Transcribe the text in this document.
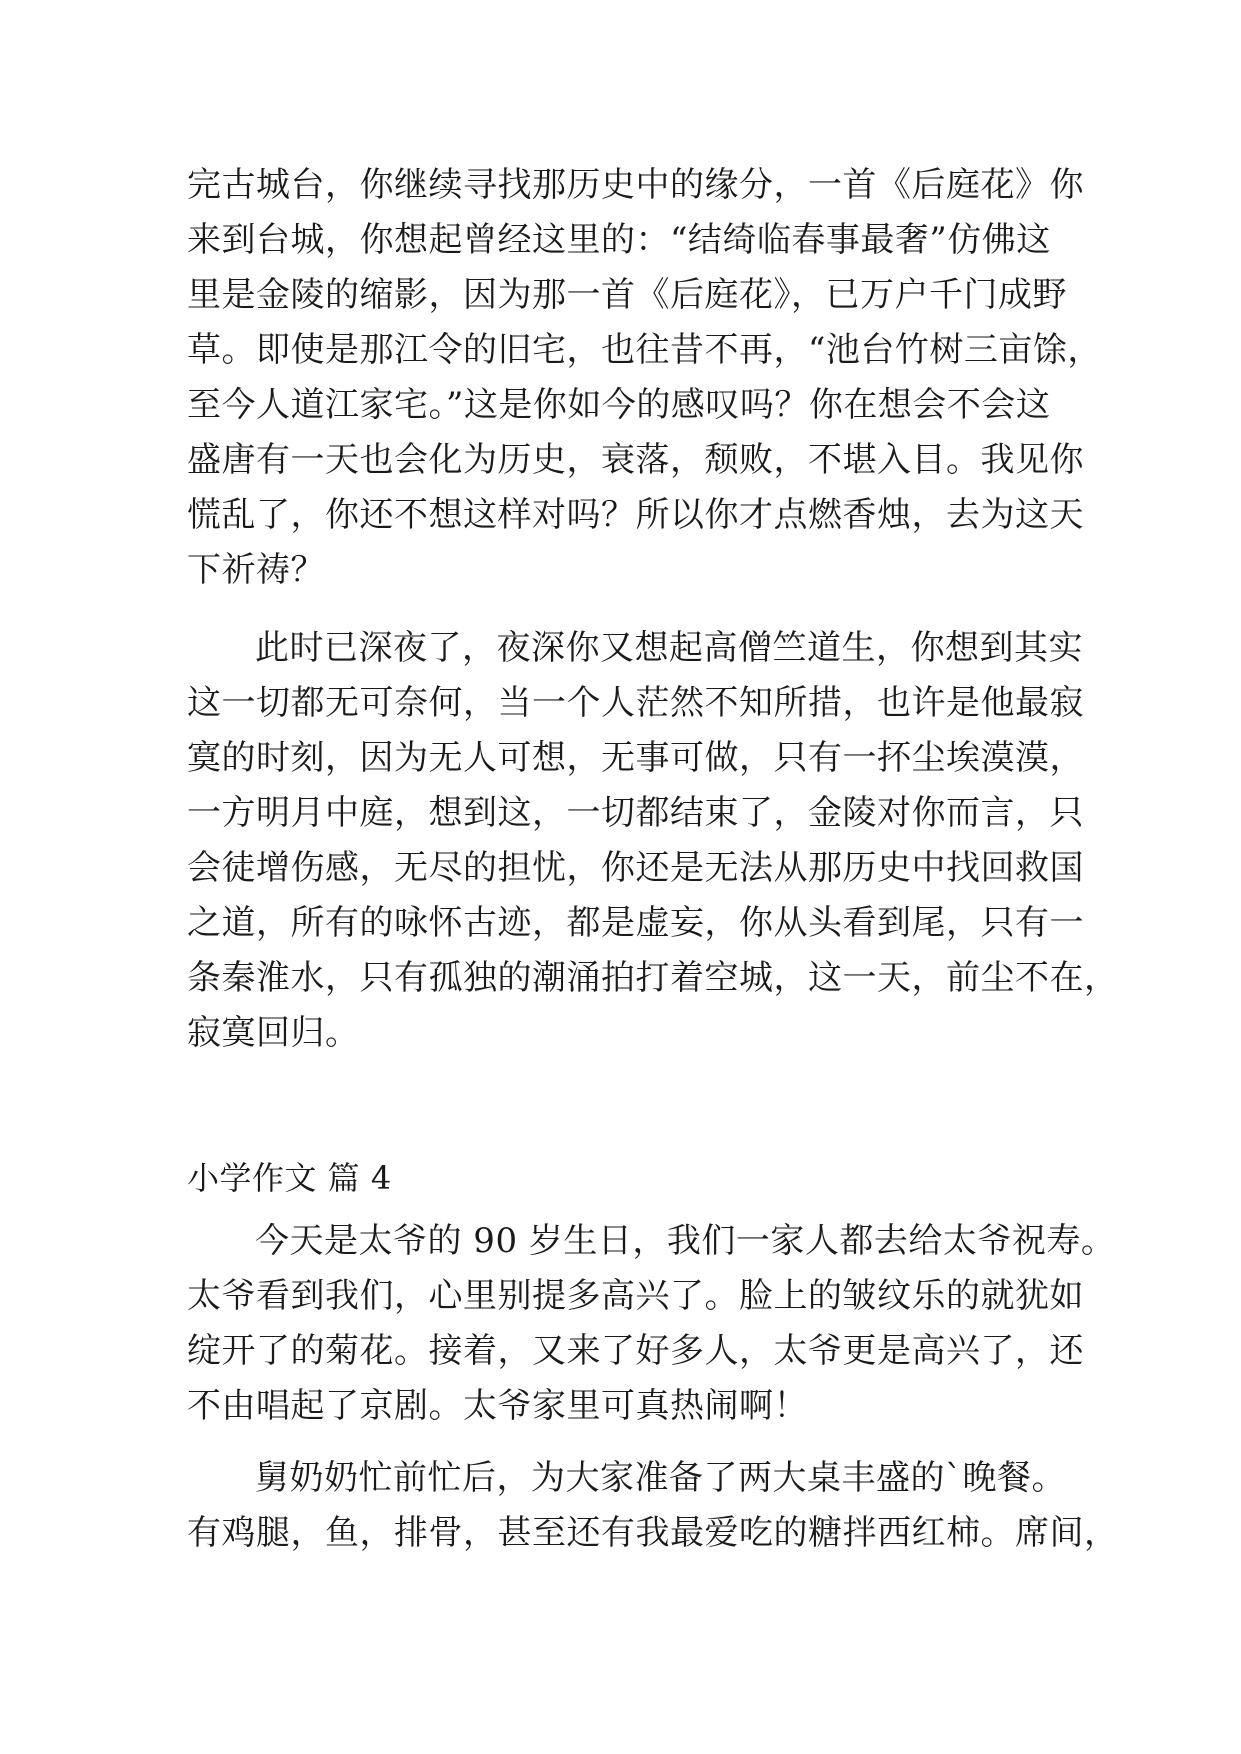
完古城台，你继续寻找那历史中的缘分，一首《后庭花》你
来到台城，你想起曾经这里的：“结绮临春事最奢”仿佛这
里是金陵的缩影，因为那一首《后庭花》，已万户千门成野
草。即使是那江令的旧宅，也往昔不再，“池台竹树三亩馀，
至今人道江家宅。”这是你如今的感叹吗？你在想会不会这
盛唐有一天也会化为历史，衰落，颓败，不堪入目。我见你
慌乱了，你还不想这样对吗？所以你才点燃香烛，去为这天
下祈祷？
此时已深夜了，夜深你又想起高僧竺道生，你想到其实
这一切都无可奈何，当一个人茫然不知所措，也许是他最寂
寞的时刻，因为无人可想，无事可做，只有一抔尘埃漠漠，
一方明月中庭，想到这，一切都结束了，金陵对你而言，只
会徒增伤感，无尽的担忧，你还是无法从那历史中找回救国
之道，所有的咏怀古迹，都是虚妄，你从头看到尾，只有一
条秦淮水，只有孤独的潮涌拍打着空城，这一天，前尘不在，
寂寞回归。
小学作文 篇 4
今天是太爷的 90 岁生日，我们一家人都去给太爷祝寿。
太爷看到我们，心里别提多高兴了。脸上的皱纹乐的就犹如
绽开了的菊花。接着，又来了好多人，太爷更是高兴了，还
不由唱起了京剧。太爷家里可真热闹啊！
舅奶奶忙前忙后，为大家准备了两大桌丰盛的`晚餐。
有鸡腿，鱼，排骨，甚至还有我最爱吃的糖拌西红柿。席间，
